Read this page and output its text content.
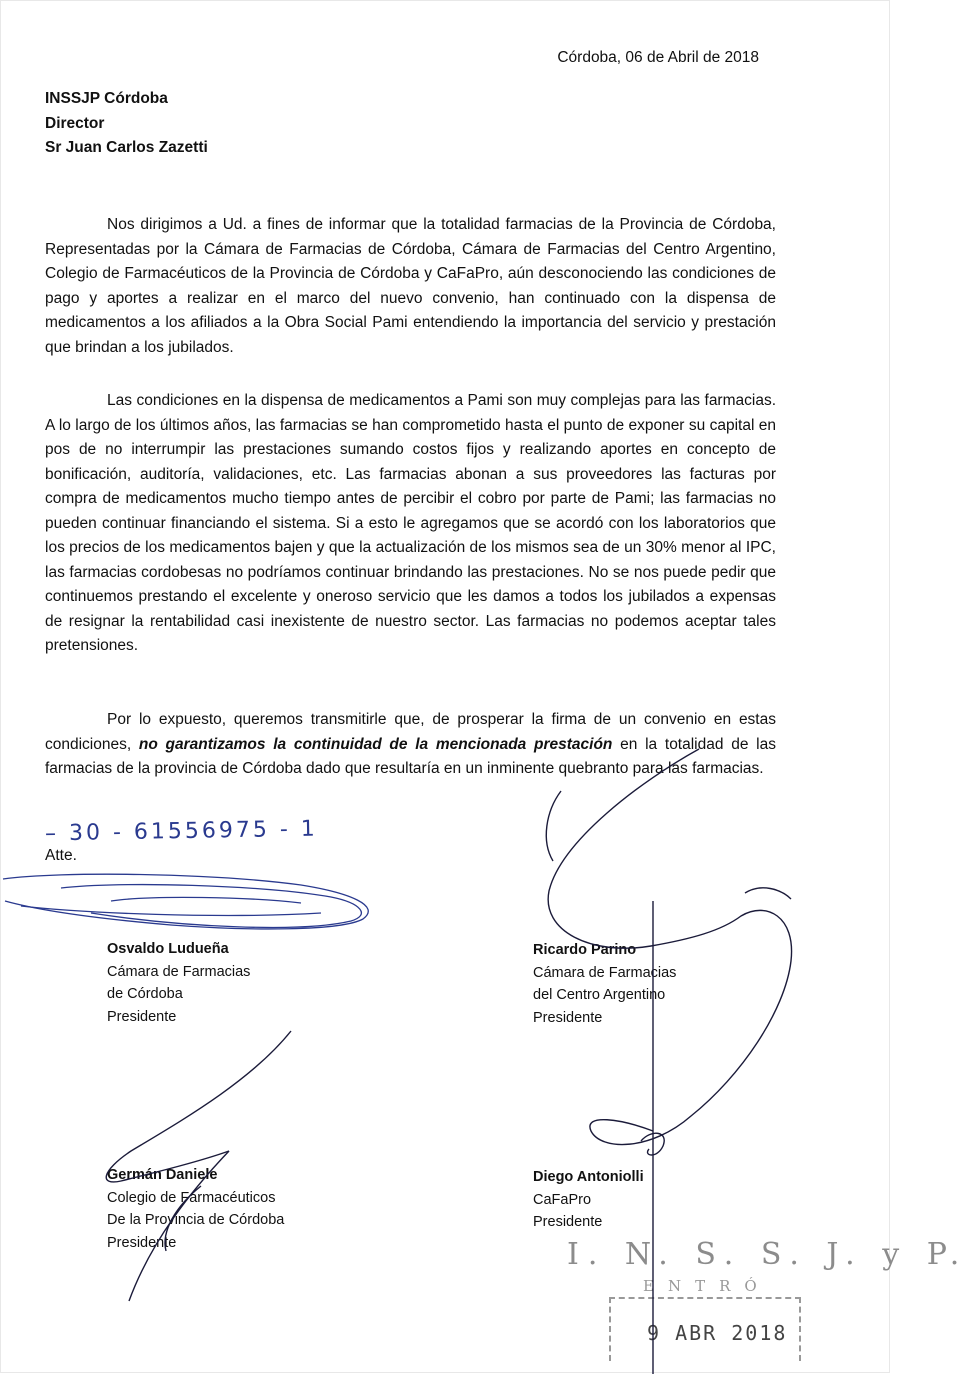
Córdoba, 06 de Abril de 2018
INSSJP Córdoba
Director
Sr Juan Carlos Zazetti

Nos dirigimos a Ud. a fines de informar que la totalidad farmacias de la Provincia de Córdoba, Representadas por la Cámara de Farmacias de Córdoba, Cámara de Farmacias del Centro Argentino, Colegio de Farmacéuticos de la Provincia de Córdoba y CaFaPro, aún desconociendo las condiciones de pago y aportes a realizar en el marco del nuevo convenio, han continuado con la dispensa de medicamentos a los afiliados a la Obra Social Pami entendiendo la importancia del servicio y prestación que brindan a los jubilados.

Las condiciones en la dispensa de medicamentos a Pami son muy complejas para las farmacias. A lo largo de los últimos años, las farmacias se han comprometido hasta el punto de exponer su capital en pos de no interrumpir las prestaciones sumando costos fijos y realizando aportes en concepto de bonificación, auditoría, validaciones, etc. Las farmacias abonan a sus proveedores las facturas por compra de medicamentos mucho tiempo antes de percibir el cobro por parte de Pami; las farmacias no pueden continuar financiando el sistema. Si a esto le agregamos que se acordó con los laboratorios que los precios de los medicamentos bajen y que la actualización de los mismos sea de un 30% menor al IPC, las farmacias cordobesas no podríamos continuar brindando las prestaciones. No se nos puede pedir que continuemos prestando el excelente y oneroso servicio que les damos a todos los jubilados a expensas de resignar la rentabilidad casi inexistente de nuestro sector. Las farmacias no podemos aceptar tales pretensiones.

Por lo expuesto, queremos transmitirle que, de prosperar la firma de un convenio en estas condiciones, no garantizamos la continuidad de la mencionada prestación en la totalidad de las farmacias de la provincia de Córdoba dado que resultaría en un inminente quebranto para las farmacias.

– 30 - 61556975 - 1
Atte.
Osvaldo Ludueña
Cámara de Farmacias
de Córdoba
Presidente
Ricardo Parino
Cámara de Farmacias
del Centro Argentino
Presidente
Germán Daniele
Colegio de Farmacéuticos
De la Provincia de Córdoba
Presidente
Diego Antoniolli
CaFaPro
Presidente
I. N. S. S. J. y P.
ENTRÓ
9 ABR 2018
